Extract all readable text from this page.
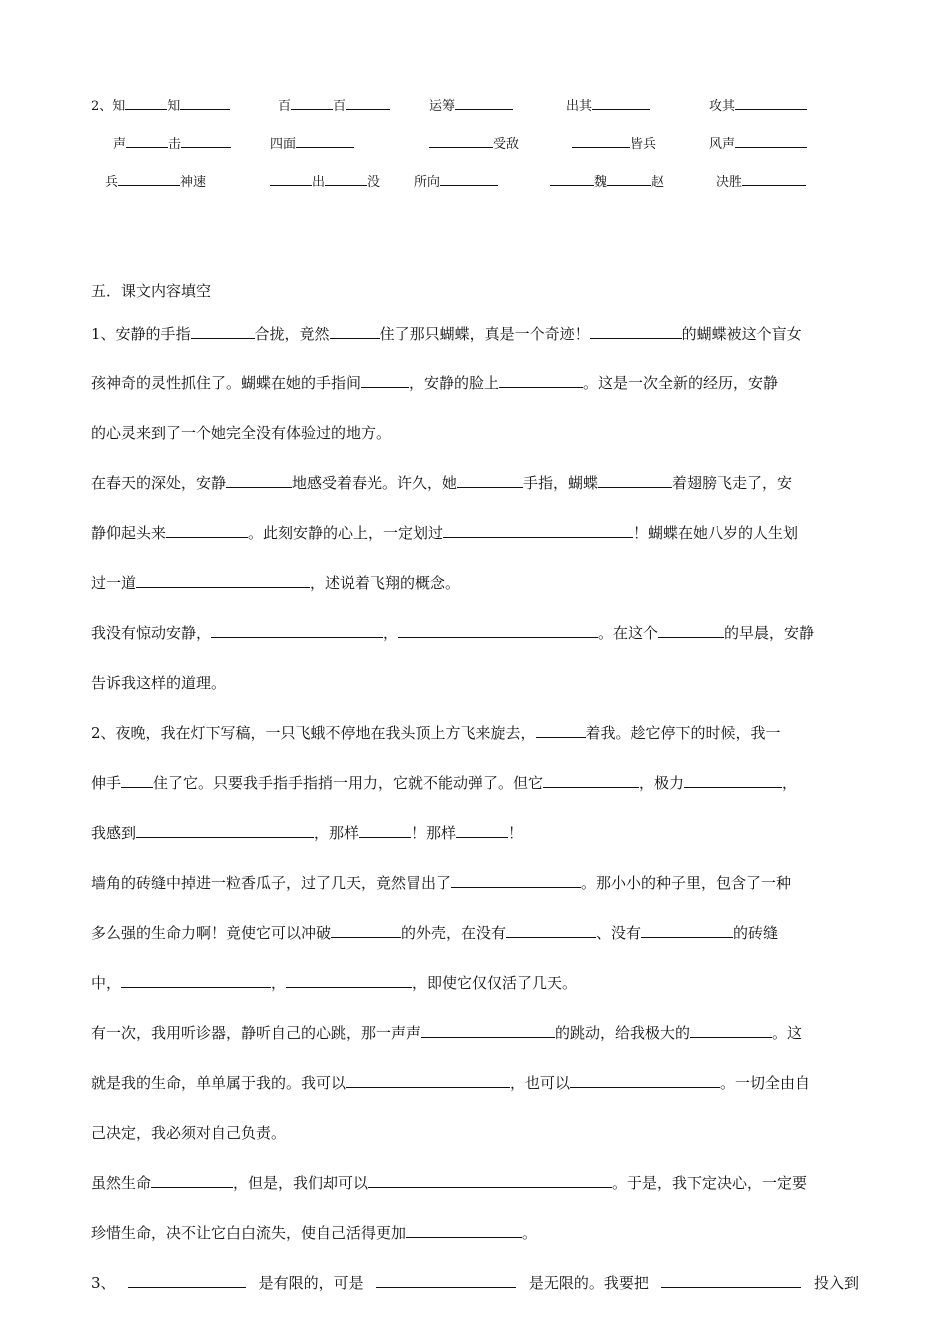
2、知	知	百	百	运筹	出其	攻其
声	击	四面	受敌	皆兵	风声
兵	神速	出	没	所向	魏	赵	决胜
五．课文内容填空
1、安静的手指	合拢，竟然	住了那只蝴蝶，真是一个奇迹！	的蝴蝶被这个盲女
孩神奇的灵性抓住了。蝴蝶在她的手指间	，安静的脸上	。这是一次全新的经历，安静
的心灵来到了一个她完全没有体验过的地方。
在春天的深处，安静	地感受着春光。许久，她	手指，蝴蝶	着翅膀飞走了，安
静仰起头来	。此刻安静的心上，一定划过	！蝴蝶在她八岁的人生划
过一道	，述说着飞翔的概念。
我没有惊动安静，	，	。在这个	的早晨，安静
告诉我这样的道理。
2、夜晚，我在灯下写稿，一只飞蛾不停地在我头顶上方飞来旋去，	着我。趁它停下的时候，我一
伸手 住了它。只要我手指手指捎一用力，它就不能动弹了。但它	，极力	，
我感到	，那样	！那样	！
墙角的砖缝中掉进一粒香瓜子，过了几天，竟然冒出了	。那小小的种子里，包含了一种
多么强的生命力啊！竟使它可以冲破	的外壳，在没有	、没有	的砖缝
中，	，	，即使它仅仅活了几天。
有一次，我用听诊器，静听自己的心跳，那一声声	的跳动，给我极大的	。这
就是我的生命，单单属于我的。我可以	，也可以	。一切全由自
己决定，我必须对自己负责。
虽然生命	，但是，我们却可以	。于是，我下定决心，一定要
珍惜生命，决不让它白白流失，使自己活得更加	。
3、	是有限的，可是	是无限的。我要把	投入到
